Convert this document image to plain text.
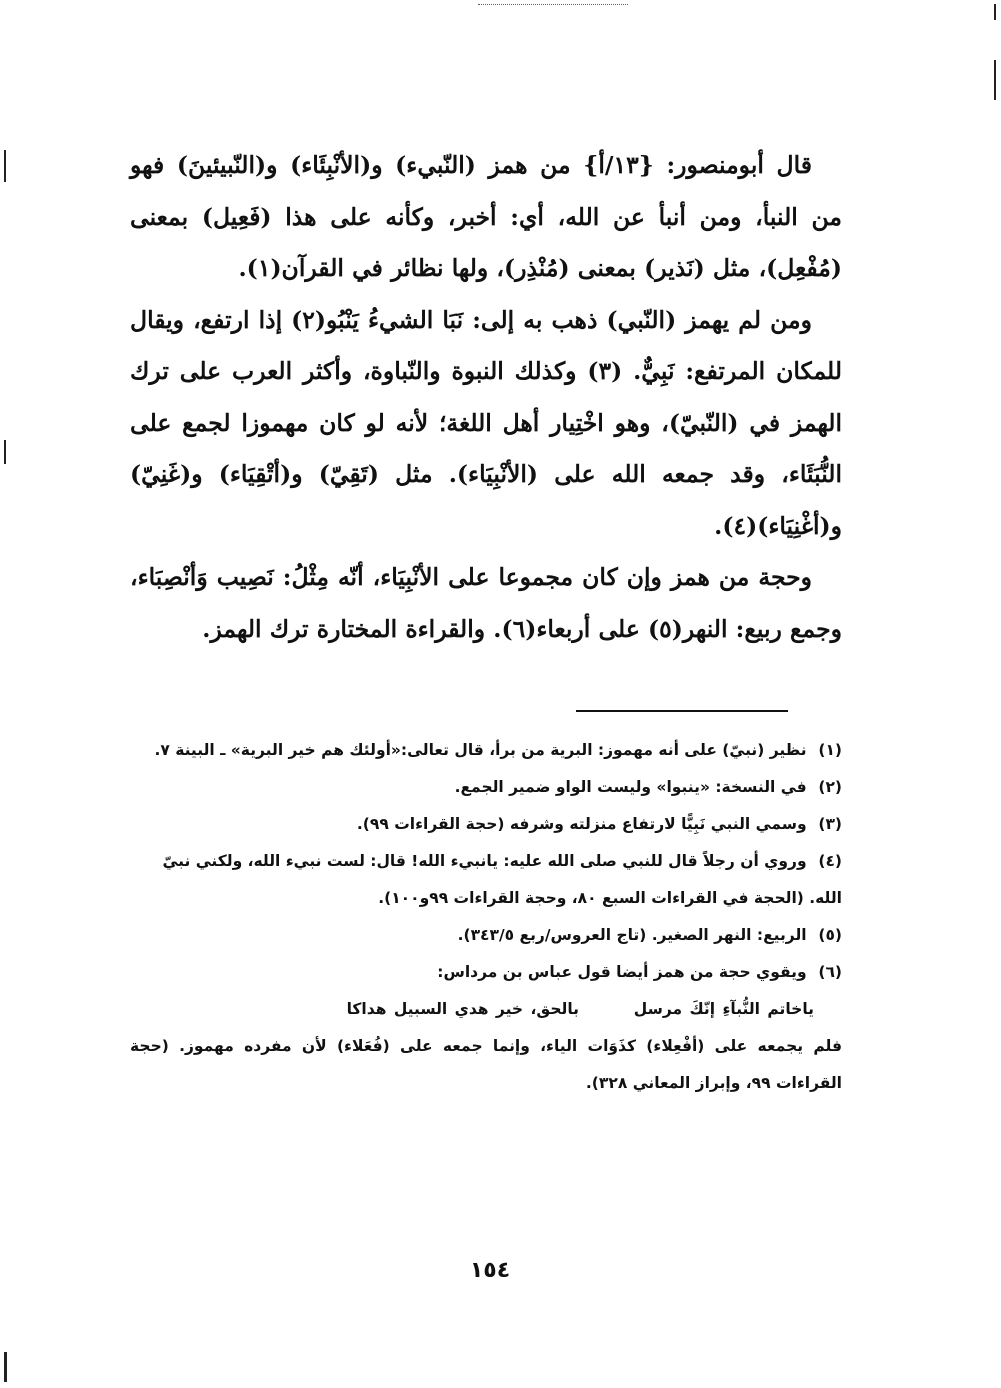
قال أبومنصور: {١٣/أ} من همز (النّبيء) و(الأنْبِئَاء) و(النّبيئينَ) فهو من النبأ، ومن أنبأ عن الله، أي: أخبر، وكأنه على هذا (فَعِيل) بمعنى (مُفْعِل)، مثل (نَذير) بمعنى (مُنْذِر)، ولها نظائر في القرآن(١).

ومن لم يهمز (النّبي) ذهب به إلى: نَبَا الشيءُ يَنْبُو(٢) إذا ارتفع، ويقال للمكان المرتفع: نَبِيٌّ. (٣) وكذلك النبوة والنّباوة، وأكثر العرب على ترك الهمز في (النّبيّ)، وهو اخْتِيار أهل اللغة؛ لأنه لو كان مهموزا لجمع على النُّبَئَاء، وقد جمعه الله على (الأنْبِيَاء). مثل (تَقِيّ) و(أتْقِيَاء) و(غَنِيّ) و(أغْنِيَاء)(٤).

وحجة من همز وإن كان مجموعا على الأنْبِيَاء، أنّه مِثْلُ: نَصِيب وَأنْصِبَاء، وجمع ربيع: النهر(٥) على أربعاء(٦). والقراءة المختارة ترك الهمز.

(١) نظير (نبيّ) على أنه مهموز: البرية من برأ، قال تعالى:«أولئك هم خير البرية» ـ البينة ٧.
(٢) في النسخة: «ينبوا» وليست الواو ضمير الجمع.
(٣) وسمي النبي نَبِيًّا لارتفاع منزلته وشرفه (حجة القراءات ٩٩).
(٤) وروي أن رجلاً قال للنبي صلى الله عليه: يانبيء الله! قال: لست نبيء الله، ولكني نبيّ
الله. (الحجة في القراءات السبع ٨٠، وحجة القراءات ٩٩و١٠٠).
(٥) الربيع: النهر الصغير. (تاج العروس/ربع ٣٤٣/٥).
(٦) ويقوي حجة من همز أيضا قول عباس بن مرداس:
ياخاتم النُّبآءِ إنّكَ مرسل  بالحق، خير هدي السبيل هداكا
فلم يجمعه على (أفْعِلاء) كذَوَات الياء، وإنما جمعه على (فُعَلاء) لأن مفرده مهموز. (حجة القراءات ٩٩، وإبراز المعاني ٣٢٨).
١٥٤
